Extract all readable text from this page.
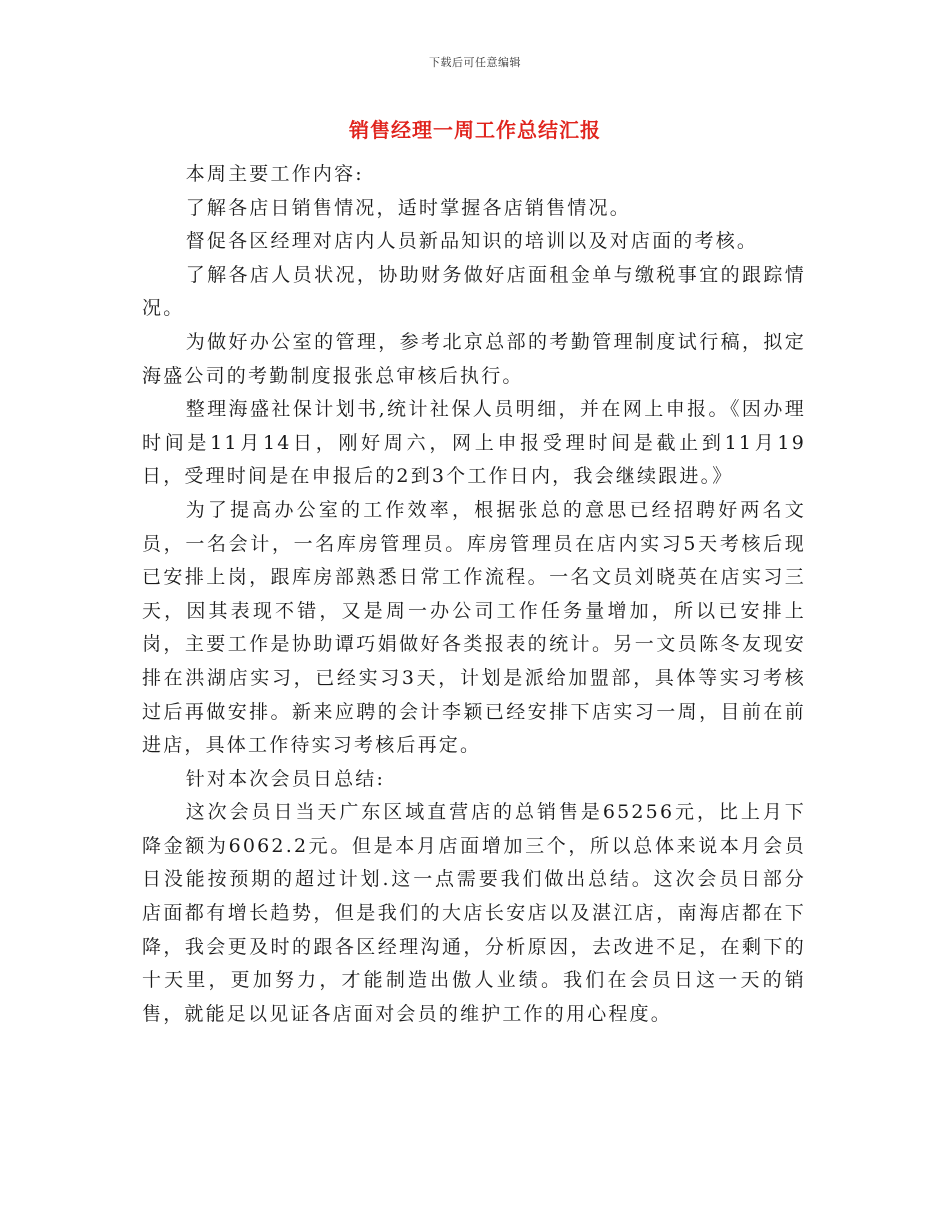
下载后可任意编辑
销售经理一周工作总结汇报

本周主要工作内容:

了解各店日销售情况，适时掌握各店销售情况。

督促各区经理对店内人员新品知识的培训以及对店面的考核。

了解各店人员状况，协助财务做好店面租金单与缴税事宜的跟踪情况。

为做好办公室的管理，参考北京总部的考勤管理制度试行稿，拟定海盛公司的考勤制度报张总审核后执行。

整理海盛社保计划书,统计社保人员明细，并在网上申报。《因办理时间是11月14日，刚好周六，网上申报受理时间是截止到11月19日，受理时间是在申报后的2到3个工作日内，我会继续跟进。》

为了提高办公室的工作效率，根据张总的意思已经招聘好两名文员，一名会计，一名库房管理员。库房管理员在店内实习5天考核后现已安排上岗，跟库房部熟悉日常工作流程。一名文员刘晓英在店实习三天，因其表现不错，又是周一办公司工作任务量增加，所以已安排上岗，主要工作是协助谭巧娟做好各类报表的统计。另一文员陈冬友现安排在洪湖店实习，已经实习3天，计划是派给加盟部，具体等实习考核过后再做安排。新来应聘的会计李颖已经安排下店实习一周，目前在前进店，具体工作待实习考核后再定。

针对本次会员日总结:

这次会员日当天广东区域直营店的总销售是65256元，比上月下降金额为6062.2元。但是本月店面增加三个，所以总体来说本月会员日没能按预期的超过计划.这一点需要我们做出总结。这次会员日部分店面都有增长趋势，但是我们的大店长安店以及湛江店，南海店都在下降，我会更及时的跟各区经理沟通，分析原因，去改进不足，在剩下的十天里，更加努力，才能制造出傲人业绩。我们在会员日这一天的销售，就能足以见证各店面对会员的维护工作的用心程度。
